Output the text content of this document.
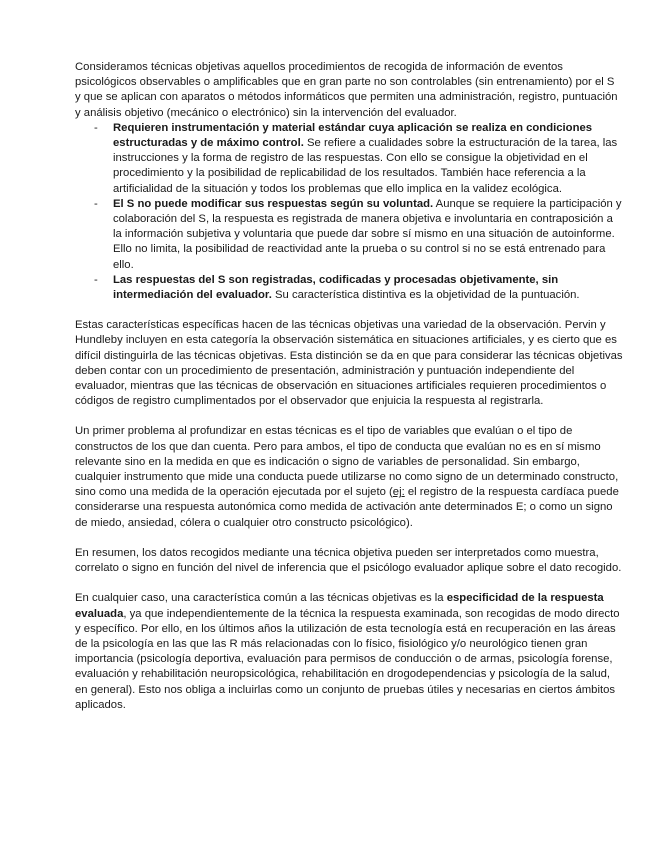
Consideramos técnicas objetivas aquellos procedimientos de recogida de información de eventos psicológicos observables o amplificables que en gran parte no son controlables (sin entrenamiento) por el S y que se aplican con aparatos o métodos informáticos que permiten una administración, registro, puntuación y análisis objetivo (mecánico o electrónico) sin la intervención del evaluador.

- Requieren instrumentación y material estándar cuya aplicación se realiza en condiciones estructuradas y de máximo control. Se refiere a cualidades sobre la estructuración de la tarea, las instrucciones y la forma de registro de las respuestas. Con ello se consigue la objetividad en el procedimiento y la posibilidad de replicabilidad de los resultados. También hace referencia a la artificialidad de la situación y todos los problemas que ello implica en la validez ecológica.
- El S no puede modificar sus respuestas según su voluntad. Aunque se requiere la participación y colaboración del S, la respuesta es registrada de manera objetiva e involuntaria en contraposición a la información subjetiva y voluntaria que puede dar sobre sí mismo en una situación de autoinforme. Ello no limita, la posibilidad de reactividad ante la prueba o su control si no se está entrenado para ello.
- Las respuestas del S son registradas, codificadas y procesadas objetivamente, sin intermediación del evaluador. Su característica distintiva es la objetividad de la puntuación.

Estas características específicas hacen de las técnicas objetivas una variedad de la observación. Pervin y Hundleby incluyen en esta categoría la observación sistemática en situaciones artificiales, y es cierto que es difícil distinguirla de las técnicas objetivas. Esta distinción se da en que para considerar las técnicas objetivas deben contar con un procedimiento de presentación, administración y puntuación independiente del evaluador, mientras que las técnicas de observación en situaciones artificiales requieren procedimientos o códigos de registro cumplimentados por el observador que enjuicia la respuesta al registrarla.

Un primer problema al profundizar en estas técnicas es el tipo de variables que evalúan o el tipo de constructos de los que dan cuenta. Pero para ambos, el tipo de conducta que evalúan no es en sí mismo relevante sino en la medida en que es indicación o signo de variables de personalidad. Sin embargo, cualquier instrumento que mide una conducta puede utilizarse no como signo de un determinado constructo, sino como una medida de la operación ejecutada por el sujeto (ej: el registro de la respuesta cardíaca puede considerarse una respuesta autonómica como medida de activación ante determinados E; o como un signo de miedo, ansiedad, cólera o cualquier otro constructo psicológico).

En resumen, los datos recogidos mediante una técnica objetiva pueden ser interpretados como muestra, correlato o signo en función del nivel de inferencia que el psicólogo evaluador aplique sobre el dato recogido.

En cualquier caso, una característica común a las técnicas objetivas es la especificidad de la respuesta evaluada, ya que independientemente de la técnica la respuesta examinada, son recogidas de modo directo y específico. Por ello, en los últimos años la utilización de esta tecnología está en recuperación en las áreas de la psicología en las que las R más relacionadas con lo físico, fisiológico y/o neurológico tienen gran importancia (psicología deportiva, evaluación para permisos de conducción o de armas, psicología forense, evaluación y rehabilitación neuropsicológica, rehabilitación en drogodependencias y psicología de la salud, en general). Esto nos obliga a incluirlas como un conjunto de pruebas útiles y necesarias en ciertos ámbitos aplicados.
